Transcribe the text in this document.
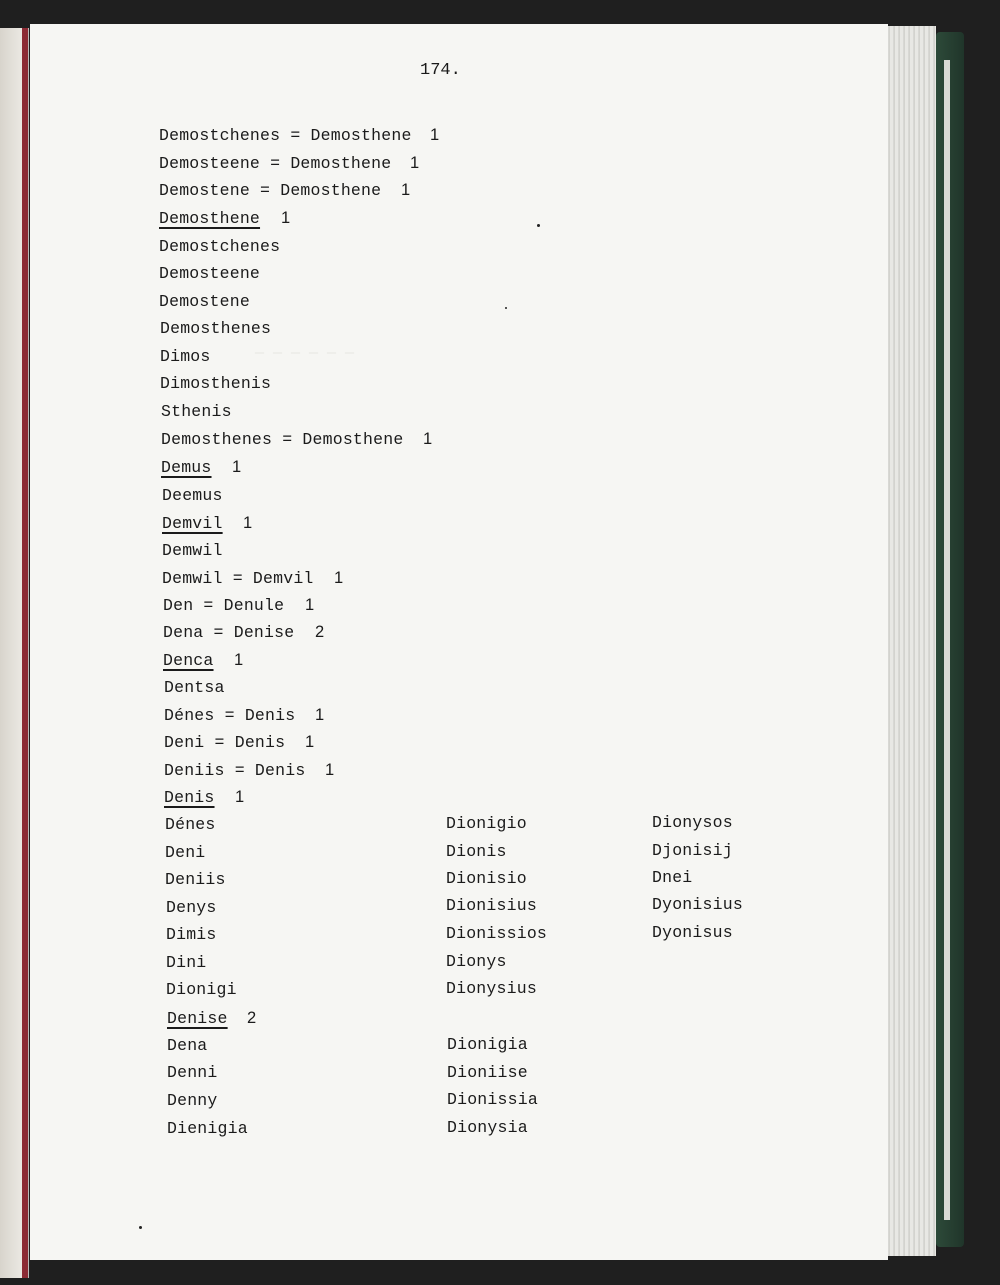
— — — — — —
174.
Demostchenes = Demosthene 1
Demosteene = Demosthene 1
Demostene = Demosthene 1
Demosthene 1
Demostchenes
Demosteene
Demostene
Demosthenes
Dimos
Dimosthenis
Sthenis
Demosthenes = Demosthene 1
Demus 1
Deemus
Demvil 1
Demwil
Demwil = Demvil 1
Den = Denule 1
Dena = Denise 2
Denca 1
Dentsa
Dénes = Denis 1
Deni = Denis 1
Deniis = Denis 1
Denis 1
Dénes
Deni
Deniis
Denys
Dimis
Dini
Dionigi
Denise 2
Dena
Denni
Denny
Dienigia
Dionigio
Dionis
Dionisio
Dionisius
Dionissios
Dionys
Dionysius
Dionigia
Dioniise
Dionissia
Dionysia
Dionysos
Djonisij
Dnei
Dyonisius
Dyonisus
